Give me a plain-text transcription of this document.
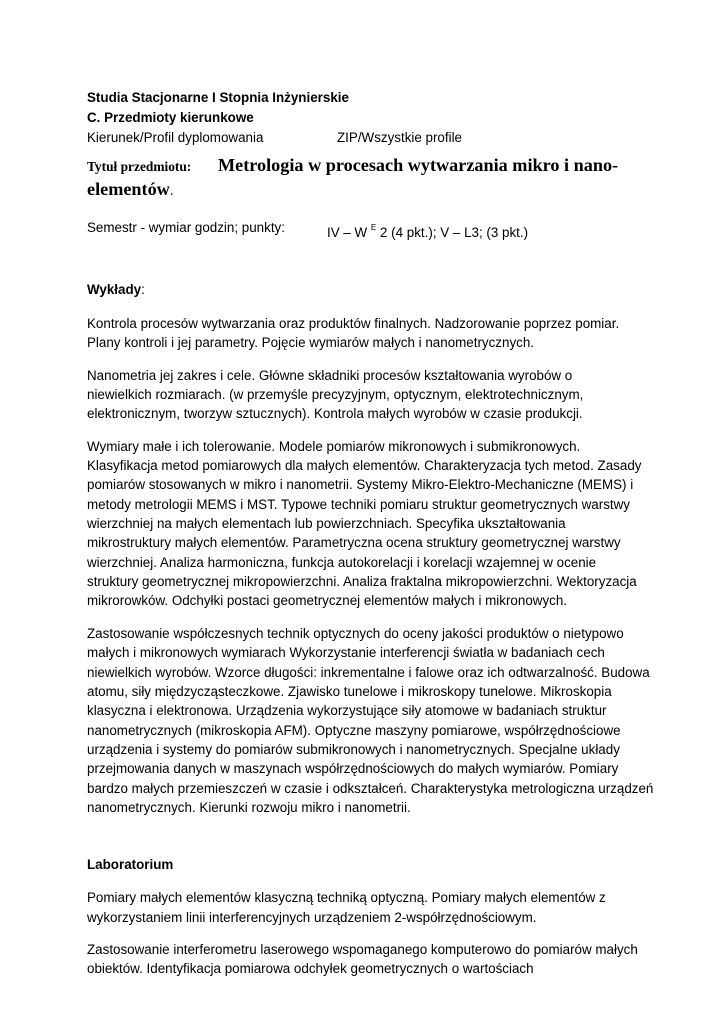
Studia Stacjonarne I Stopnia Inżynierskie
C. Przedmioty kierunkowe
Kierunek/Profil dyplomowania	ZIP/Wszystkie profile
Tytuł przedmiotu: Metrologia w procesach wytwarzania mikro i nano-elementów.
Semestr - wymiar godzin; punkty:	IV – W $^E$ 2 (4 pkt.); V – L3; (3 pkt.)
Wykłady:

Kontrola procesów wytwarzania oraz produktów finalnych. Nadzorowanie poprzez pomiar. Plany kontroli i jej parametry. Pojęcie wymiarów małych i nanometrycznych.

Nanometria jej zakres i cele. Główne składniki procesów kształtowania wyrobów o niewielkich rozmiarach. (w przemyśle precyzyjnym, optycznym, elektrotechnicznym, elektronicznym, tworzyw sztucznych). Kontrola małych wyrobów w czasie produkcji.

Wymiary małe i ich tolerowanie. Modele pomiarów mikronowych i submikronowych. Klasyfikacja metod pomiarowych dla małych elementów. Charakteryzacja tych metod. Zasady pomiarów stosowanych w mikro i nanometrii. Systemy Mikro-Elektro-Mechaniczne (MEMS) i metody metrologii MEMS i MST. Typowe techniki pomiaru struktur geometrycznych warstwy wierzchniej na małych elementach lub powierzchniach. Specyfika ukształtowania mikrostruktury małych elementów. Parametryczna ocena struktury geometrycznej warstwy wierzchniej. Analiza harmoniczna, funkcja autokorelacji i korelacji wzajemnej w ocenie struktury geometrycznej mikropowierzchni. Analiza fraktalna mikropowierzchni. Wektoryzacja mikrorowków. Odchyłki postaci geometrycznej elementów małych i mikronowych.

Zastosowanie współczesnych technik optycznych do oceny jakości produktów o nietypowo małych i mikronowych wymiarach Wykorzystanie interferencji światła w badaniach cech niewielkich wyrobów. Wzorce długości: inkrementalne i falowe oraz ich odtwarzalność. Budowa atomu, siły międzycząsteczkowe. Zjawisko tunelowe i mikroskopy tunelowe. Mikroskopia klasyczna i elektronowa. Urządzenia wykorzystujące siły atomowe w badaniach struktur nanometrycznych (mikroskopia AFM). Optyczne maszyny pomiarowe, współrzędnościowe urządzenia i systemy do pomiarów submikronowych i nanometrycznych. Specjalne układy przejmowania danych w maszynach współrzędnościowych do małych wymiarów. Pomiary bardzo małych przemieszczeń w czasie i odkształceń. Charakterystyka metrologiczna urządzeń nanometrycznych. Kierunki rozwoju mikro i nanometrii.

Laboratorium

Pomiary małych elementów klasyczną techniką optyczną. Pomiary małych elementów z wykorzystaniem linii interferencyjnych urządzeniem 2-współrzędnościowym.

Zastosowanie interferometru laserowego wspomaganego komputerowo do pomiarów małych obiektów. Identyfikacja pomiarowa odchyłek geometrycznych o wartościach
